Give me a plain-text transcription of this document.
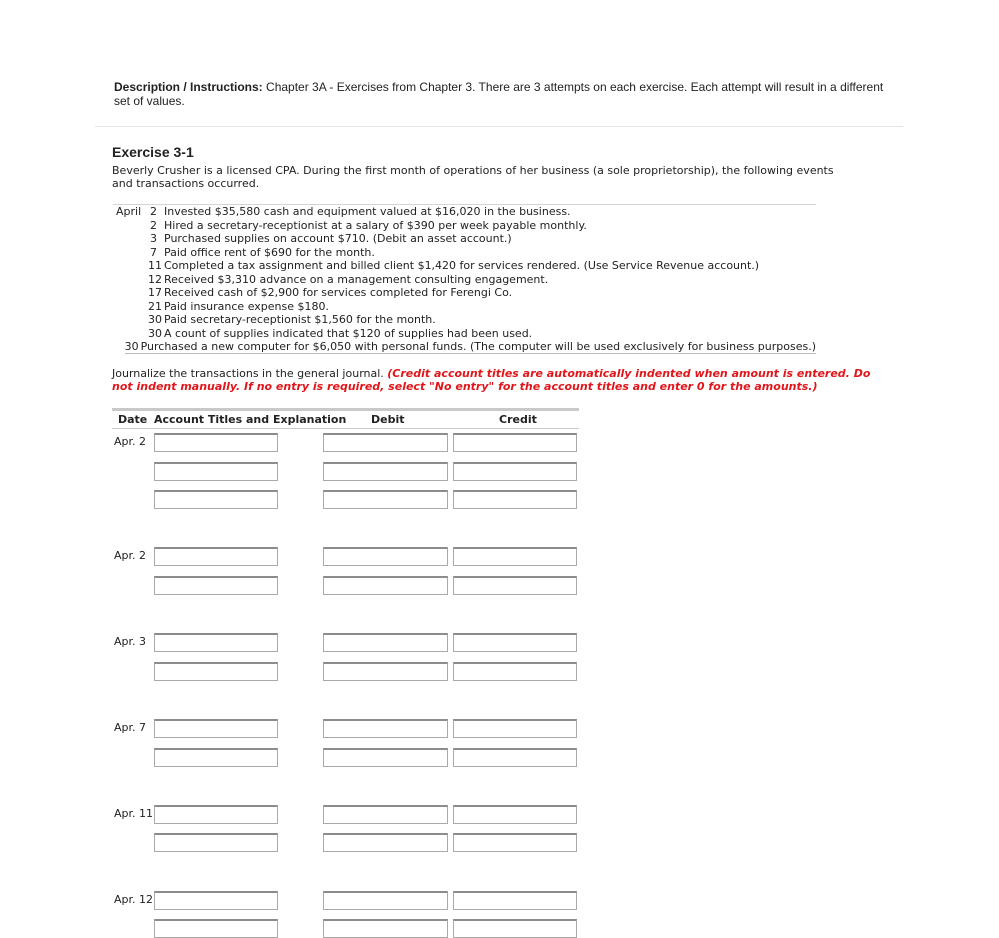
Description / Instructions: Chapter 3A - Exercises from Chapter 3. There are 3 attempts on each exercise. Each attempt will result in a different set of values.
Exercise 3-1
Beverly Crusher is a licensed CPA. During the first month of operations of her business (a sole proprietorship), the following events and transactions occurred.
April 2 Invested $35,580 cash and equipment valued at $16,020 in the business.
2 Hired a secretary-receptionist at a salary of $390 per week payable monthly.
3 Purchased supplies on account $710. (Debit an asset account.)
7 Paid office rent of $690 for the month.
11 Completed a tax assignment and billed client $1,420 for services rendered. (Use Service Revenue account.)
12 Received $3,310 advance on a management consulting engagement.
17 Received cash of $2,900 for services completed for Ferengi Co.
21 Paid insurance expense $180.
30 Paid secretary-receptionist $1,560 for the month.
30 A count of supplies indicated that $120 of supplies had been used.
30 Purchased a new computer for $6,050 with personal funds. (The computer will be used exclusively for business purposes.)
Journalize the transactions in the general journal. (Credit account titles are automatically indented when amount is entered. Do not indent manually. If no entry is required, select "No entry" for the account titles and enter 0 for the amounts.)
Date Account Titles and Explanation Debit	Credit
Apr. 2
Apr. 2
Apr. 3
Apr. 7
Apr. 11
Apr. 12
